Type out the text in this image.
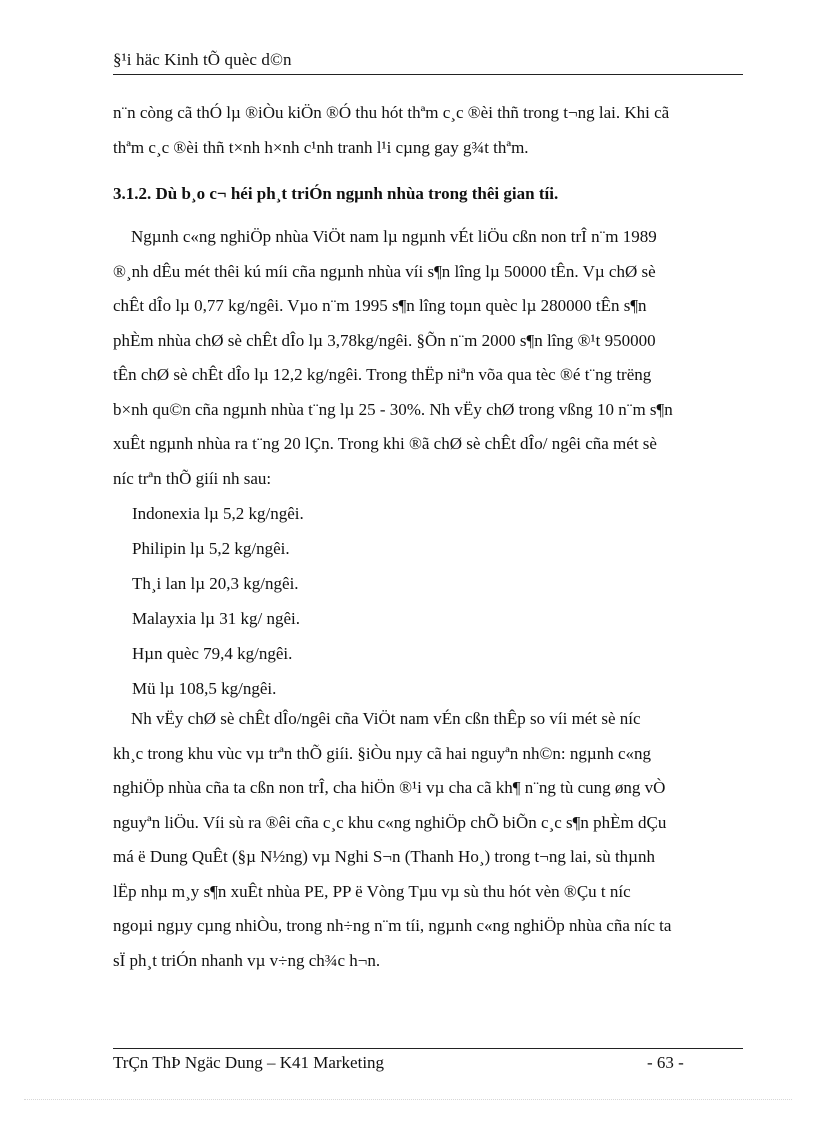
§¹i häc Kinh tÕ quèc d©n

n¨n còng cã thÓ lµ ®iÒu kiÖn ®Ó thu hót thªm c¸c ®èi thñ trong t¬ng lai. Khi cã
thªm c¸c ®èi thñ t×nh h×nh c¹nh tranh l¹i cµng gay g¾t thªm.

3.1.2. Dù b¸o c¬ héi ph¸t triÓn ngµnh nhùa trong thêi gian tíi.

Ngµnh c«ng nghiÖp nhùa ViÖt nam lµ ngµnh vÉt liÖu cßn non trÎ n¨m 1989
®¸nh dÊu mét thêi kú míi cña ngµnh nhùa víi s¶n lîng lµ 50000 tÊn. Vµ chØ sè
chÊt dÎo lµ 0,77 kg/ngêi. Vµo n¨m 1995 s¶n lîng toµn quèc lµ 280000 tÊn s¶n
phÈm nhùa chØ sè chÊt dÎo lµ 3,78kg/ngêi. §Õn n¨m 2000 s¶n lîng ®¹t 950000
tÊn chØ sè chÊt dÎo lµ 12,2 kg/ngêi. Trong thËp niªn võa qua tèc ®é t¨ng trëng
b×nh qu©n cña ngµnh nhùa t¨ng lµ 25 - 30%. Nh vËy chØ trong vßng 10 n¨m s¶n
xuÊt ngµnh nhùa ra t¨ng 20 lÇn. Trong khi ®ã chØ sè chÊt dÎo/ ngêi cña mét sè
níc trªn thÕ giíi nh sau:

Indonexia lµ 5,2 kg/ngêi.
Philipin lµ 5,2 kg/ngêi.
Th¸i lan lµ 20,3 kg/ngêi.
Malayxia lµ 31 kg/ ngêi.
Hµn quèc 79,4 kg/ngêi.
Mü lµ 108,5 kg/ngêi.

Nh vËy chØ sè chÊt dÎo/ngêi cña ViÖt nam vÉn cßn thÊp so víi mét sè níc
kh¸c trong khu vùc vµ trªn thÕ giíi. §iÒu nµy cã hai nguyªn nh©n: ngµnh c«ng
nghiÖp nhùa cña ta cßn non trÎ, cha hiÖn ®¹i vµ cha cã kh¶ n¨ng tù cung øng vÒ
nguyªn liÖu. Víi sù ra ®êi cña c¸c khu c«ng nghiÖp chÕ biÕn c¸c s¶n phÈm dÇu
má ë Dung QuÊt (§µ N½ng) vµ Nghi S¬n (Thanh Ho¸) trong t¬ng lai, sù thµnh
lËp nhµ m¸y s¶n xuÊt nhùa PE, PP ë Vòng Tµu vµ sù thu hót vèn ®Çu t níc
ngoµi ngµy cµng nhiÒu, trong nh÷ng n¨m tíi, ngµnh c«ng nghiÖp nhùa cña níc ta
sÏ ph¸t triÓn nhanh vµ v÷ng ch¾c h¬n.

TrÇn ThÞ Ngäc Dung – K41 Marketing	- 63 -
